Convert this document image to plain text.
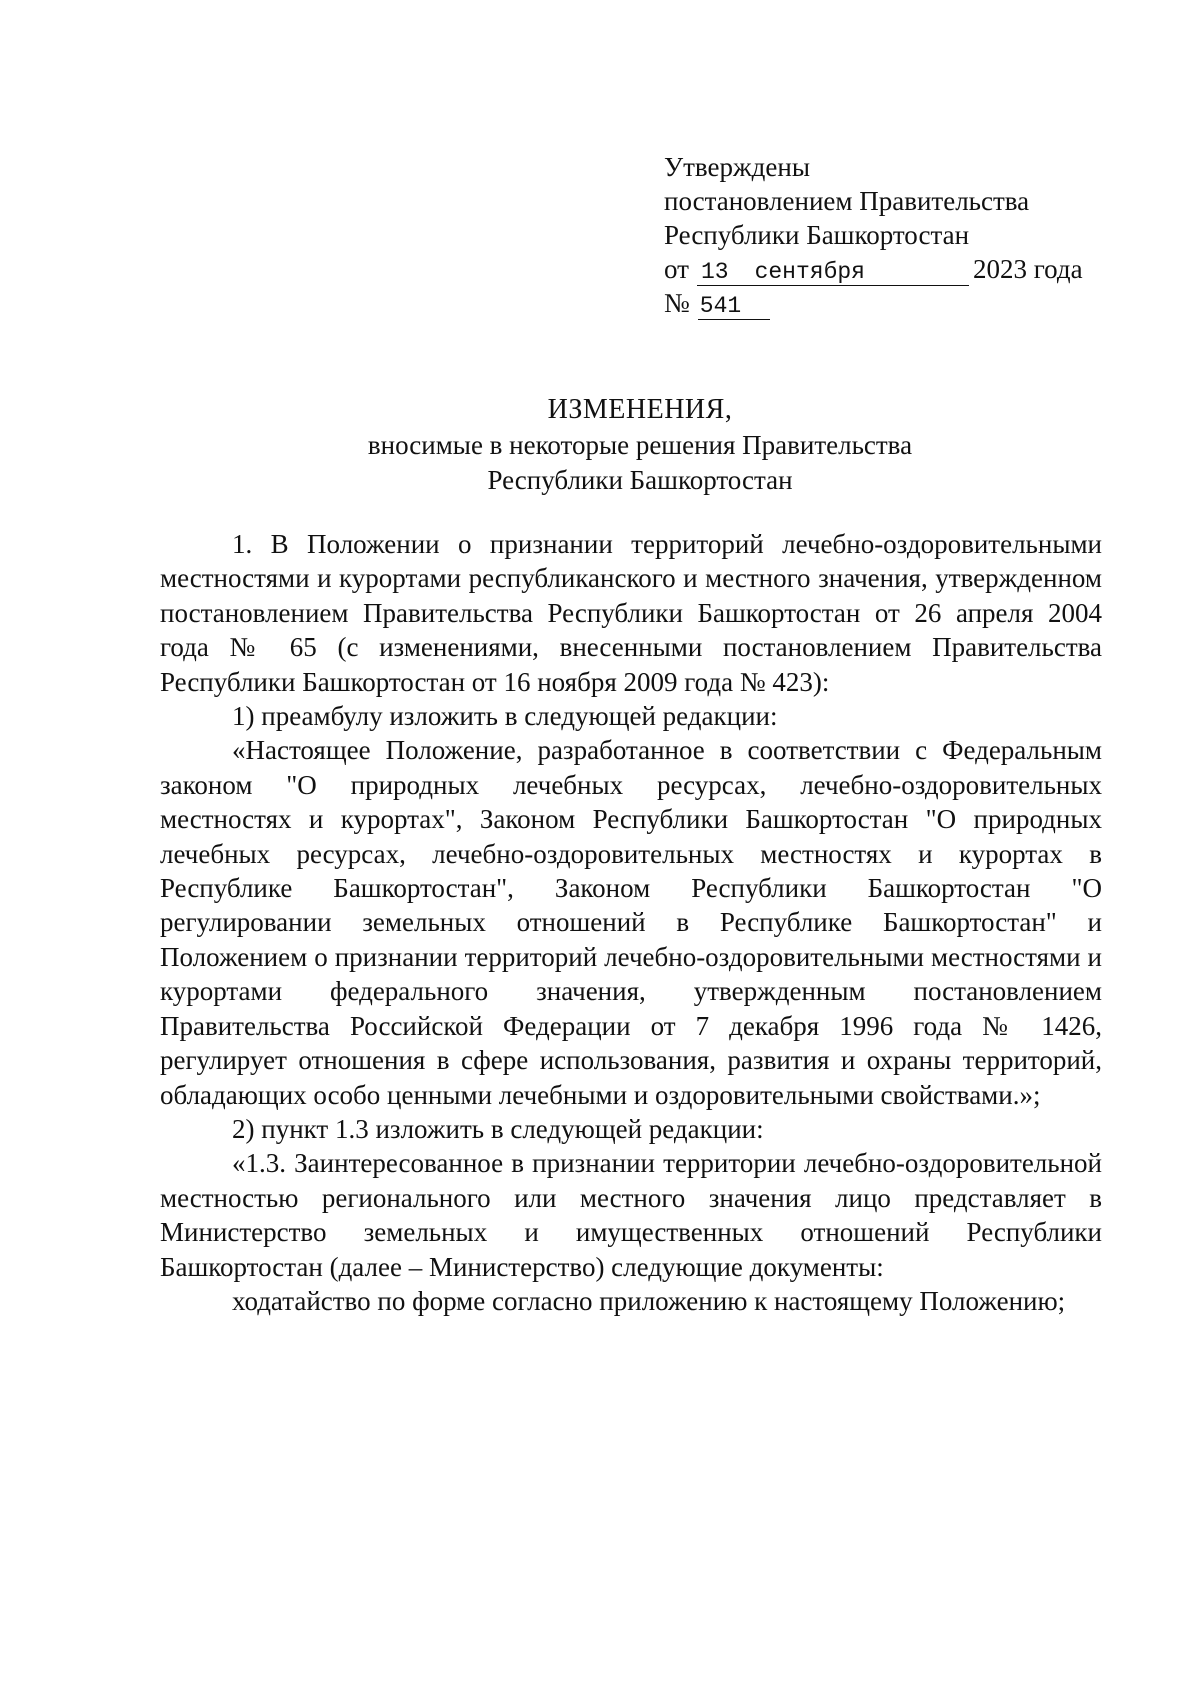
Утверждены
постановлением Правительства
Республики Башкортостан
от 13 сентября	2023 года
№ 541
ИЗМЕНЕНИЯ,
вносимые в некоторые решения Правительства
Республики Башкортостан

1. В Положении о признании территорий лечебно-оздоровительными местностями и курортами республиканского и местного значения, утвержденном постановлением Правительства Республики Башкортостан от 26 апреля 2004 года № 65 (с изменениями, внесенными постановлением Правительства Республики Башкортостан от 16 ноября 2009 года № 423):

1) преамбулу изложить в следующей редакции:

«Настоящее Положение, разработанное в соответствии с Федеральным законом "О природных лечебных ресурсах, лечебно-оздоровительных местностях и курортах", Законом Республики Башкортостан "О природных лечебных ресурсах, лечебно-оздоровительных местностях и курортах в Республике Башкортостан", Законом Республики Башкортостан "О регулировании земельных отношений в Республике Башкортостан" и Положением о признании территорий лечебно-оздоровительными местностями и курортами федерального значения, утвержденным постановлением Правительства Российской Федерации от 7 декабря 1996 года № 1426, регулирует отношения в сфере использования, развития и охраны территорий, обладающих особо ценными лечебными и оздоровительными свойствами.»;

2) пункт 1.3 изложить в следующей редакции:

«1.3. Заинтересованное в признании территории лечебно-оздоровительной местностью регионального или местного значения лицо представляет в Министерство земельных и имущественных отношений Республики Башкортостан (далее – Министерство) следующие документы:

ходатайство по форме согласно приложению к настоящему Положению;
